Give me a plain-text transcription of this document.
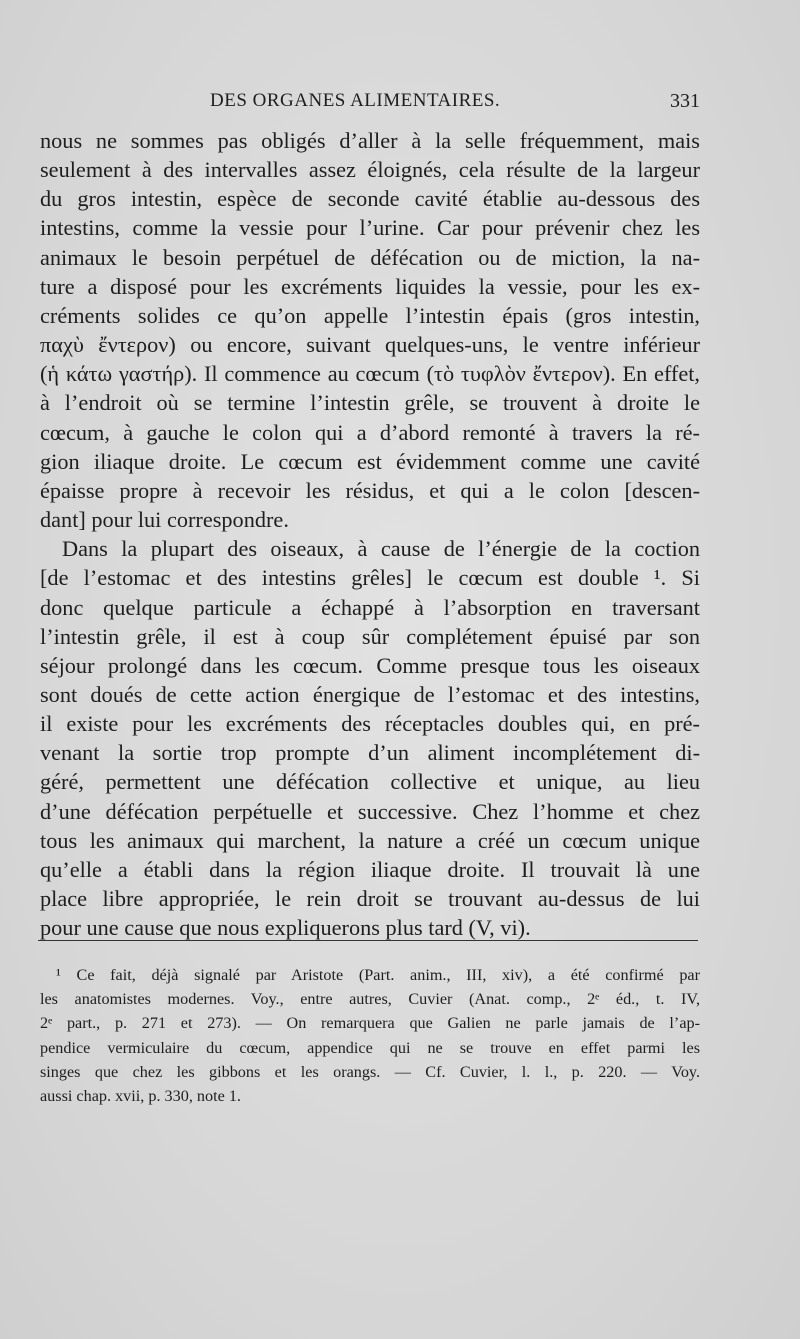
DES ORGANES ALIMENTAIRES.	331

nous ne sommes pas obligés d’aller à la selle fréquemment, mais
seulement à des intervalles assez éloignés, cela résulte de la largeur
du gros intestin, espèce de seconde cavité établie au-dessous des
intestins, comme la vessie pour l’urine. Car pour prévenir chez les
animaux le besoin perpétuel de défécation ou de miction, la na-
ture a disposé pour les excréments liquides la vessie, pour les ex-
créments solides ce qu’on appelle l’intestin épais (gros intestin,
παχὺ ἔντερον) ou encore, suivant quelques-uns, le ventre inférieur
(ἡ κάτω γαστήρ). Il commence au cœcum (τὸ τυφλὸν ἔντερον). En effet,
à l’endroit où se termine l’intestin grêle, se trouvent à droite le
cœcum, à gauche le colon qui a d’abord remonté à travers la ré-
gion iliaque droite. Le cœcum est évidemment comme une cavité
épaisse propre à recevoir les résidus, et qui a le colon [descen-
dant] pour lui correspondre.

Dans la plupart des oiseaux, à cause de l’énergie de la coction
[de l’estomac et des intestins grêles] le cœcum est double ¹. Si
donc quelque particule a échappé à l’absorption en traversant
l’intestin grêle, il est à coup sûr complétement épuisé par son
séjour prolongé dans les cœcum. Comme presque tous les oiseaux
sont doués de cette action énergique de l’estomac et des intestins,
il existe pour les excréments des réceptacles doubles qui, en pré-
venant la sortie trop prompte d’un aliment incomplétement di-
géré, permettent une défécation collective et unique, au lieu
d’une défécation perpétuelle et successive. Chez l’homme et chez
tous les animaux qui marchent, la nature a créé un cœcum unique
qu’elle a établi dans la région iliaque droite. Il trouvait là une
place libre appropriée, le rein droit se trouvant au-dessus de lui
pour une cause que nous expliquerons plus tard (V, vi).

¹ Ce fait, déjà signalé par Aristote (Part. anim., III, xiv), a été confirmé par
les anatomistes modernes. Voy., entre autres, Cuvier (Anat. comp., 2ᵉ éd., t. IV,
2ᵉ part., p. 271 et 273). — On remarquera que Galien ne parle jamais de l’ap-
pendice vermiculaire du cœcum, appendice qui ne se trouve en effet parmi les
singes que chez les gibbons et les orangs. — Cf. Cuvier, l. l., p. 220. — Voy.
aussi chap. xvii, p. 330, note 1.
